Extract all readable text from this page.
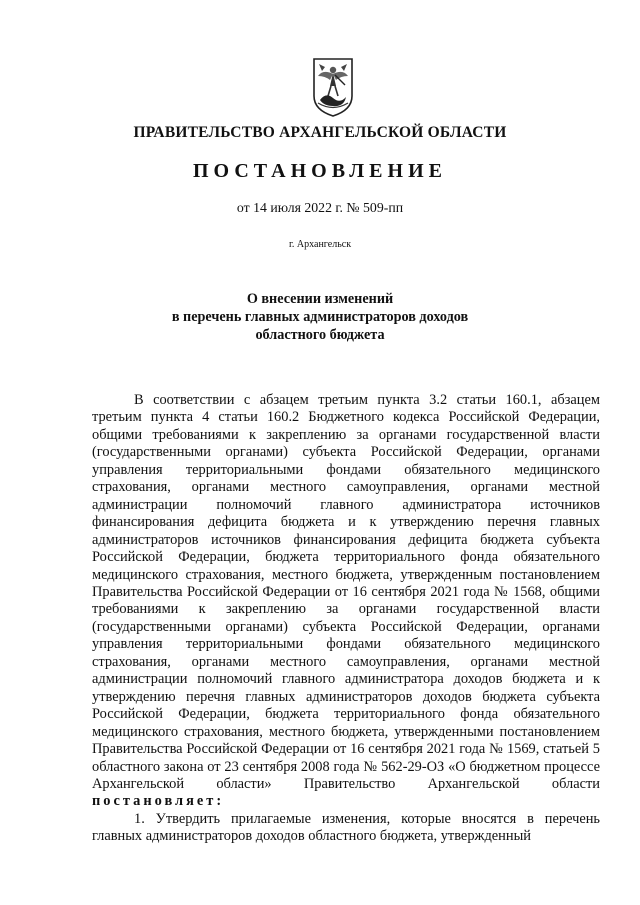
ПРАВИТЕЛЬСТВО АРХАНГЕЛЬСКОЙ ОБЛАСТИ
ПОСТАНОВЛЕНИЕ
от 14 июля 2022 г. № 509-пп
г. Архангельск
О внесении изменений
в перечень главных администраторов доходов
областного бюджета

В соответствии с абзацем третьим пункта 3.2 статьи 160.1, абзацем третьим пункта 4 статьи 160.2 Бюджетного кодекса Российской Федерации, общими требованиями к закреплению за органами государственной власти (государственными органами) субъекта Российской Федерации, органами управления территориальными фондами обязательного медицинского страхования, органами местного самоуправления, органами местной администрации полномочий главного администратора источников финансирования дефицита бюджета и к утверждению перечня главных администраторов источников финансирования дефицита бюджета субъекта Российской Федерации, бюджета территориального фонда обязательного медицинского страхования, местного бюджета, утвержденным постановлением Правительства Российской Федерации от 16 сентября 2021 года № 1568, общими требованиями к закреплению за органами государственной власти (государственными органами) субъекта Российской Федерации, органами управления территориальными фондами обязательного медицинского страхования, органами местного самоуправления, органами местной администрации полномочий главного администратора доходов бюджета и к утверждению перечня главных администраторов доходов бюджета субъекта Российской Федерации, бюджета территориального фонда обязательного медицинского страхования, местного бюджета, утвержденными постановлением Правительства Российской Федерации от 16 сентября 2021 года № 1569, статьей 5 областного закона от 23 сентября 2008 года № 562-29-ОЗ «О бюджетном процессе Архангельской области» Правительство Архангельской области постановляет:

1. Утвердить прилагаемые изменения, которые вносятся в перечень главных администраторов доходов областного бюджета, утвержденный
